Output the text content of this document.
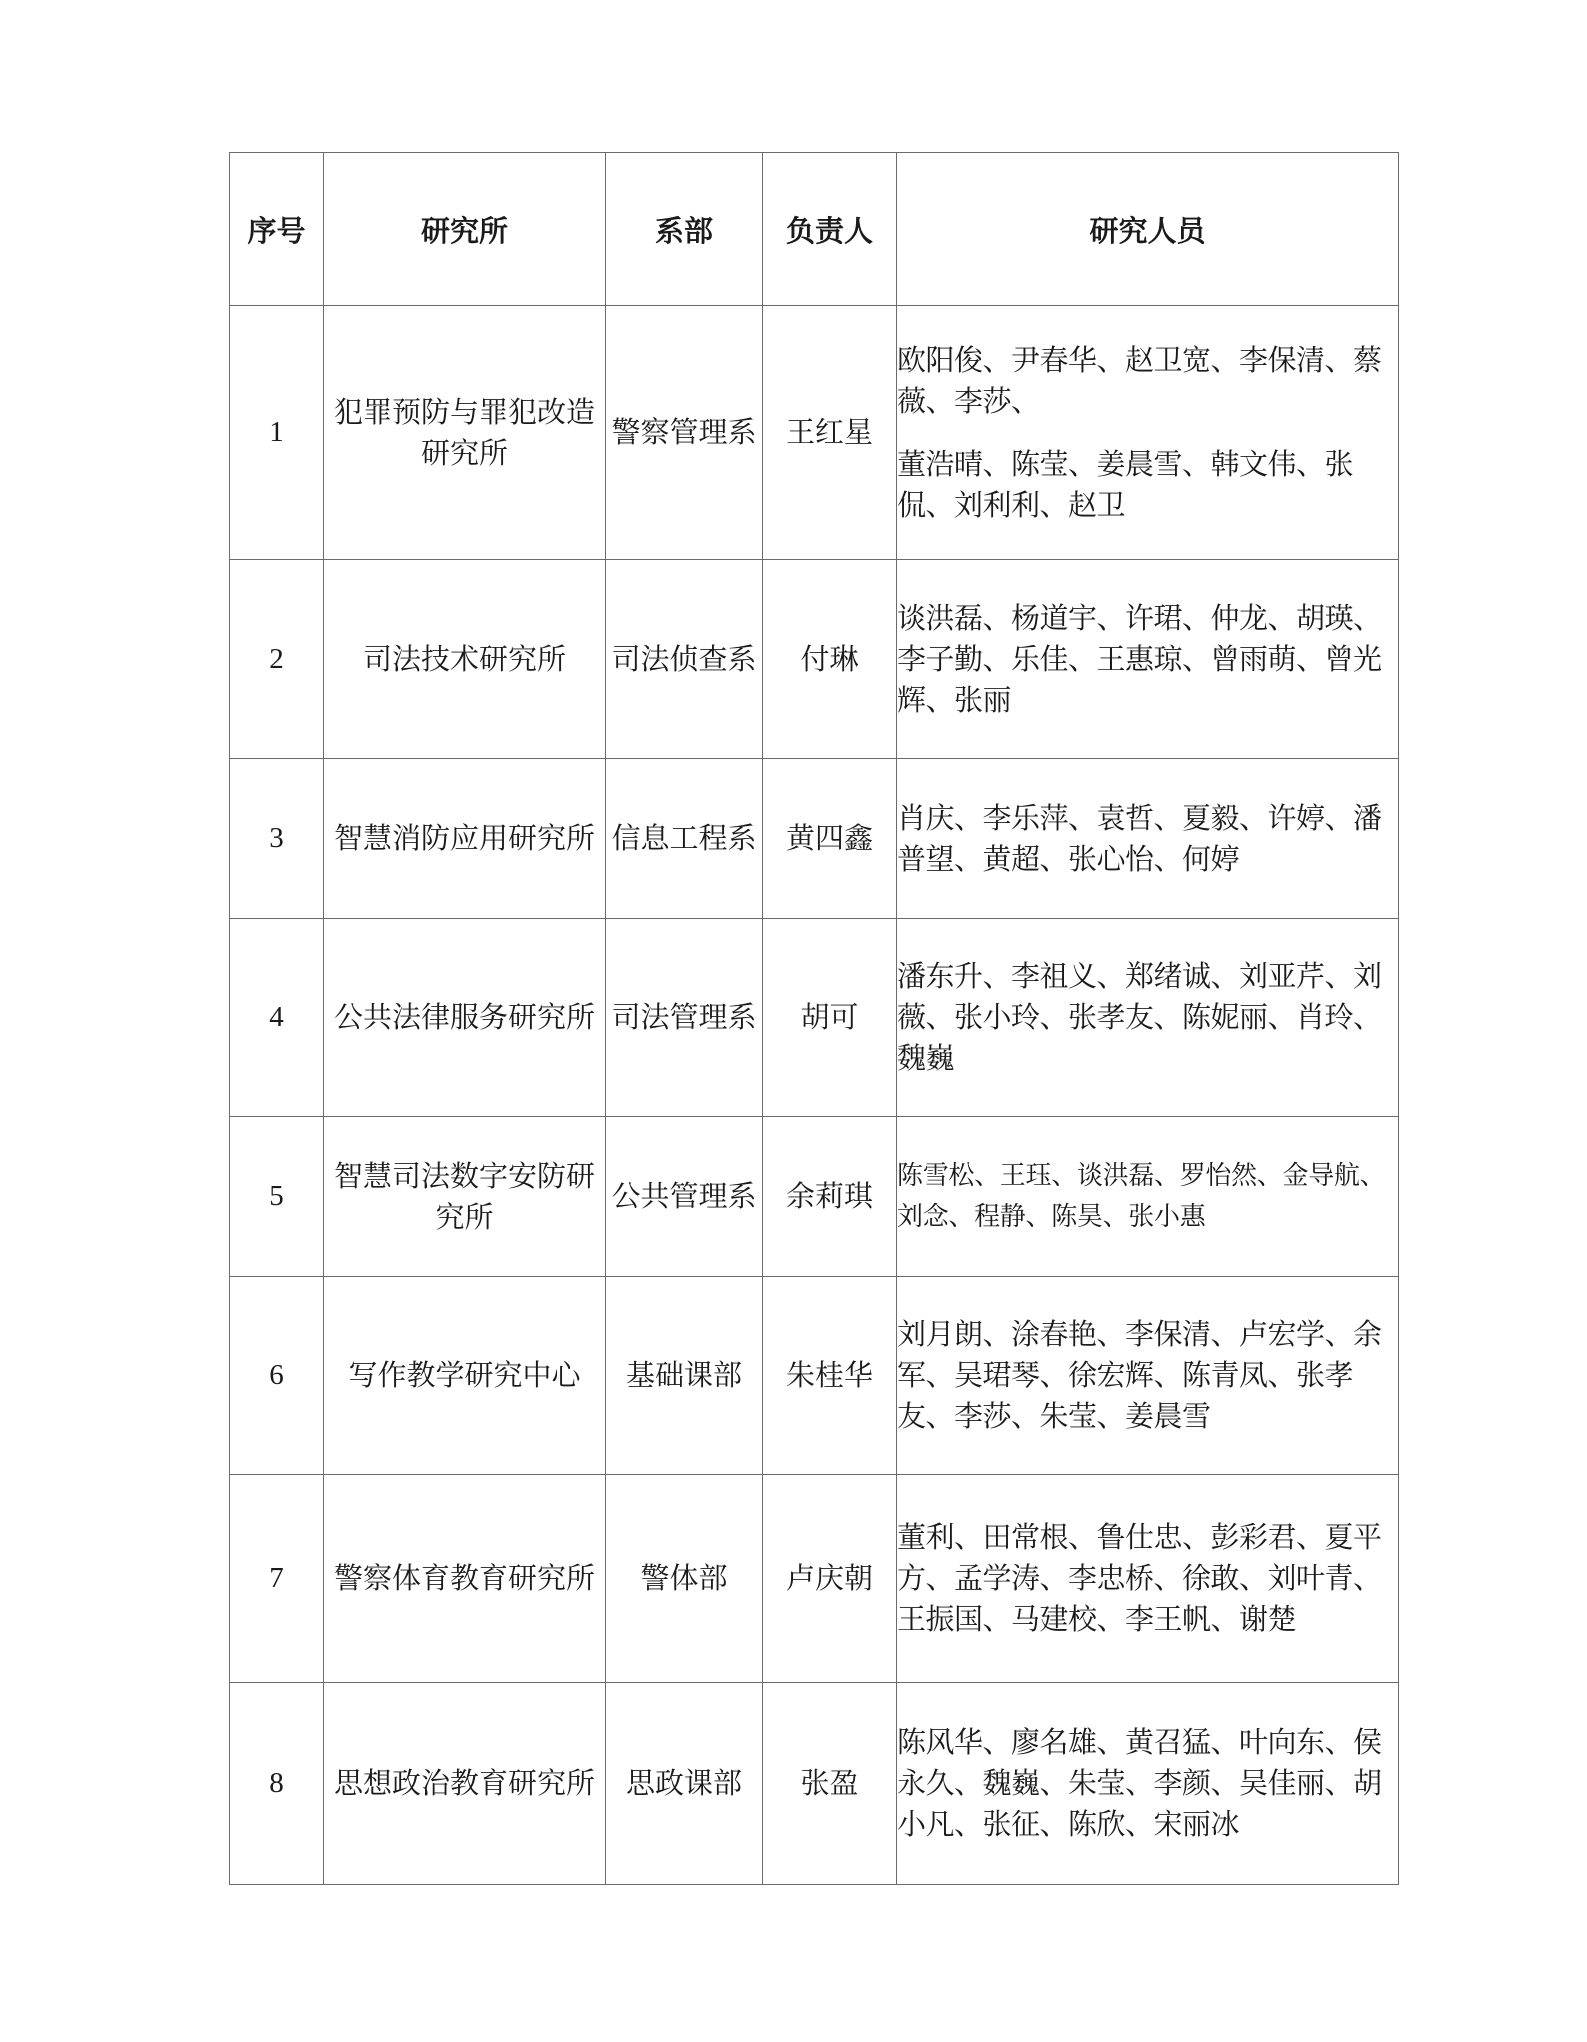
序号	研究所	系部	负责人	研究人员
1	犯罪预防与罪犯改造研究所	警察管理系	王红星	欧阳俊、尹春华、赵卫宽、李保清、蔡薇、李莎、
董浩晴、陈莹、姜晨雪、韩文伟、张侃、刘利利、赵卫

2	司法技术研究所	司法侦查系	付琳	谈洪磊、杨道宇、许珺、仲龙、胡瑛、李子勤、乐佳、王惠琼、曾雨萌、曾光辉、张丽

3	智慧消防应用研究所	信息工程系	黄四鑫	肖庆、李乐萍、袁哲、夏毅、许婷、潘普望、黄超、张心怡、何婷

4	公共法律服务研究所	司法管理系	胡可	潘东升、李祖义、郑绪诚、刘亚芹、刘薇、张小玲、张孝友、陈妮丽、肖玲、魏巍

5	智慧司法数字安防研究所	公共管理系	余莉琪	陈雪松、王珏、谈洪磊、罗怡然、金导航、刘念、程静、陈昊、张小惠

6	写作教学研究中心	基础课部	朱桂华	刘月朗、涂春艳、李保清、卢宏学、余军、吴珺琴、徐宏辉、陈青凤、张孝友、李莎、朱莹、姜晨雪

7	警察体育教育研究所	警体部	卢庆朝	董利、田常根、鲁仕忠、彭彩君、夏平方、孟学涛、李忠桥、徐敢、刘叶青、王振国、马建校、李王帆、谢楚

8	思想政治教育研究所	思政课部	张盈	陈风华、廖名雄、黄召猛、叶向东、侯永久、魏巍、朱莹、李颜、吴佳丽、胡小凡、张征、陈欣、宋丽冰
